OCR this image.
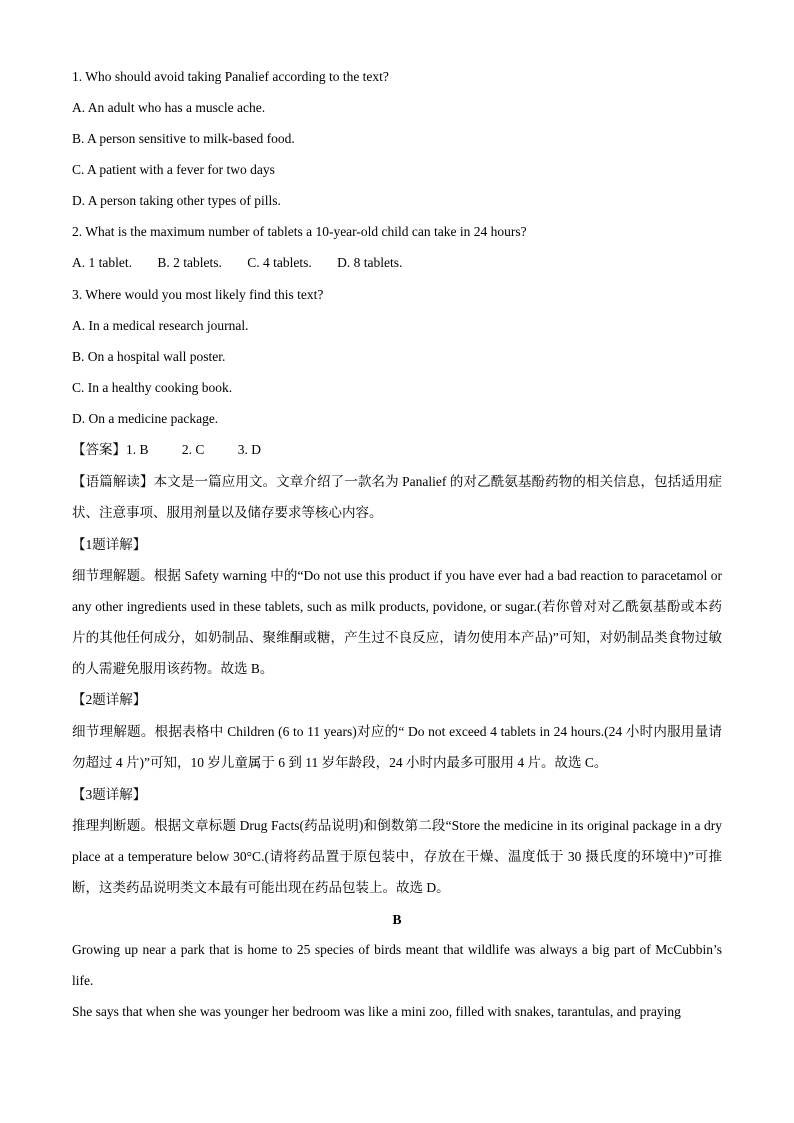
1. Who should avoid taking Panalief according to the text?
A. An adult who has a muscle ache.
B. A person sensitive to milk-based food.
C. A patient with a fever for two days
D. A person taking other types of pills.
2. What is the maximum number of tablets a 10-year-old child can take in 24 hours?
A. 1 tablet. B. 2 tablets. C. 4 tablets. D. 8 tablets.
3. Where would you most likely find this text?
A. In a medical research journal.
B. On a hospital wall poster.
C. In a healthy cooking book.
D. On a medicine package.
【答案】1. B 2. C 3. D

【语篇解读】本文是一篇应用文。文章介绍了一款名为 Panalief 的对乙酰氨基酚药物的相关信息，包括适用症状、注意事项、服用剂量以及储存要求等核心内容。

【1题详解】
细节理解题。根据 Safety warning 中的“Do not use this product if you have ever had a bad reaction to paracetamol or any other ingredients used in these tablets, such as milk products, povidone, or sugar.(若你曾对对乙酰氨基酚或本药片的其他任何成分，如奶制品、聚维酮或糖，产生过不良反应，请勿使用本产品)”可知，对奶制品类食物过敏的人需避免服用该药物。故选 B。
【2题详解】
细节理解题。根据表格中 Children (6 to 11 years)对应的“ Do not exceed 4 tablets in 24 hours.(24 小时内服用量请勿超过 4 片)”可知，10 岁儿童属于 6 到 11 岁年龄段，24 小时内最多可服用 4 片。故选 C。
【3题详解】
推理判断题。根据文章标题 Drug Facts(药品说明)和倒数第二段“Store the medicine in its original package in a dry place at a temperature below 30°C.(请将药品置于原包装中，存放在干燥、温度低于 30 摄氏度的环境中)”可推断，这类药品说明类文本最有可能出现在药品包装上。故选 D。
B
Growing up near a park that is home to 25 species of birds meant that wildlife was always a big part of McCubbin’s life.
She says that when she was younger her bedroom was like a mini zoo, filled with snakes, tarantulas, and praying
